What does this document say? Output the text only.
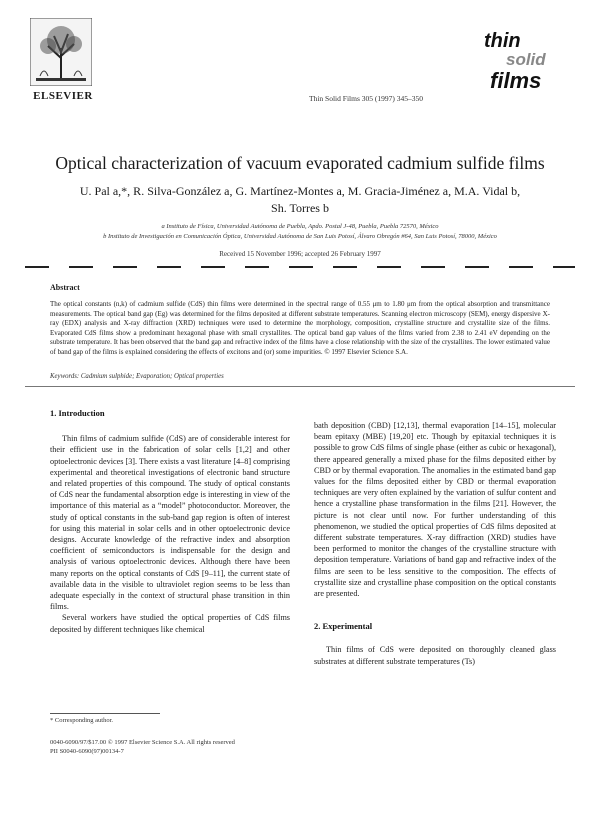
ELSEVIER	Thin Solid Films 305 (1997) 345–350
thin
solid
films
Optical characterization of vacuum evaporated cadmium sulfide films
U. Pal a,*, R. Silva-González a, G. Martínez-Montes a, M. Gracia-Jiménez a, M.A. Vidal b,
Sh. Torres b
a Instituto de Física, Universidad Autónoma de Puebla, Apdo. Postal J-48, Puebla, Puebla 72570, México
b Instituto de Investigación en Comunicación Óptica, Universidad Autónoma de San Luis Potosí, Álvaro Obregón #64, San Luis Potosí, 78000, México
Received 15 November 1996; accepted 26 February 1997
Abstract
The optical constants (n,k) of cadmium sulfide (CdS) thin films were determined in the spectral range of 0.55 μm to 1.80 μm from the optical absorption and transmittance measurements. The optical band gap (Eg) was determined for the films deposited at different substrate temperatures. Scanning electron microscopy (SEM), energy dispersive X-ray (EDX) analysis and X-ray diffraction (XRD) techniques were used to determine the morphology, composition, crystalline structure and crystallite size of the films. Evaporated CdS films show a predominant hexagonal phase with small crystallites. The optical band gap values of the films varied from 2.38 to 2.41 eV depending on the substrate temperature. It has been observed that the band gap and refractive index of the films have a close relationship with the size of the crystallites. The lower estimated value of band gap of the films is explained considering the effects of excitons and (or) some impurities. © 1997 Elsevier Science S.A.
Keywords: Cadmium sulphide; Evaporation; Optical properties
1. Introduction

Thin films of cadmium sulfide (CdS) are of considerable interest for their efficient use in the fabrication of solar cells [1,2] and other optoelectronic devices [3]. There exists a vast literature [4–8] comprising experimental and theoretical investigations of electronic band structure and related properties of this compound. The study of optical constants of CdS near the fundamental absorption edge is interesting in view of the importance of this material as a “model” photoconductor. Moreover, the study of optical constants in the sub-band gap region is often of interest for using this material in solar cells and in other optoelectronic device designs. Accurate knowledge of the refractive index and absorption coefficient of semiconductors is indispensable for the design and analysis of various optoelectronic devices. Although there have been many reports on the optical constants of CdS [9–11], the current state of available data in the visible to ultraviolet region seems to be less than adequate especially in the context of structural phase transition in thin films.

Several workers have studied the optical properties of CdS films deposited by different techniques like chemical

bath deposition (CBD) [12,13], thermal evaporation [14–15], molecular beam epitaxy (MBE) [19,20] etc. Though by epitaxial techniques it is possible to grow CdS films of single phase (either as cubic or hexagonal), there appeared generally a mixed phase for the films deposited either by CBD or by thermal evaporation. The anomalies in the estimated band gap values for the films deposited either by CBD or thermal evaporation techniques are very often explained by the variation of sulfur content and hence a crystalline phase transformation in the films [21]. However, the picture is not clear until now. For further understanding of this phenomenon, we studied the optical properties of CdS films deposited at different substrate temperatures. X-ray diffraction (XRD) studies have been performed to monitor the changes of the crystalline structure with deposition temperature. Variations of band gap and refractive index of the films are seen to be less sensitive to the composition. The effects of crystallite size and crystalline phase composition on the optical constants are presented.

2. Experimental

Thin films of CdS were deposited on thoroughly cleaned glass substrates at different substrate temperatures (Ts)

* Corresponding author.
0040-6090/97/$17.00 © 1997 Elsevier Science S.A. All rights reserved
PII S0040-6090(97)00134-7
